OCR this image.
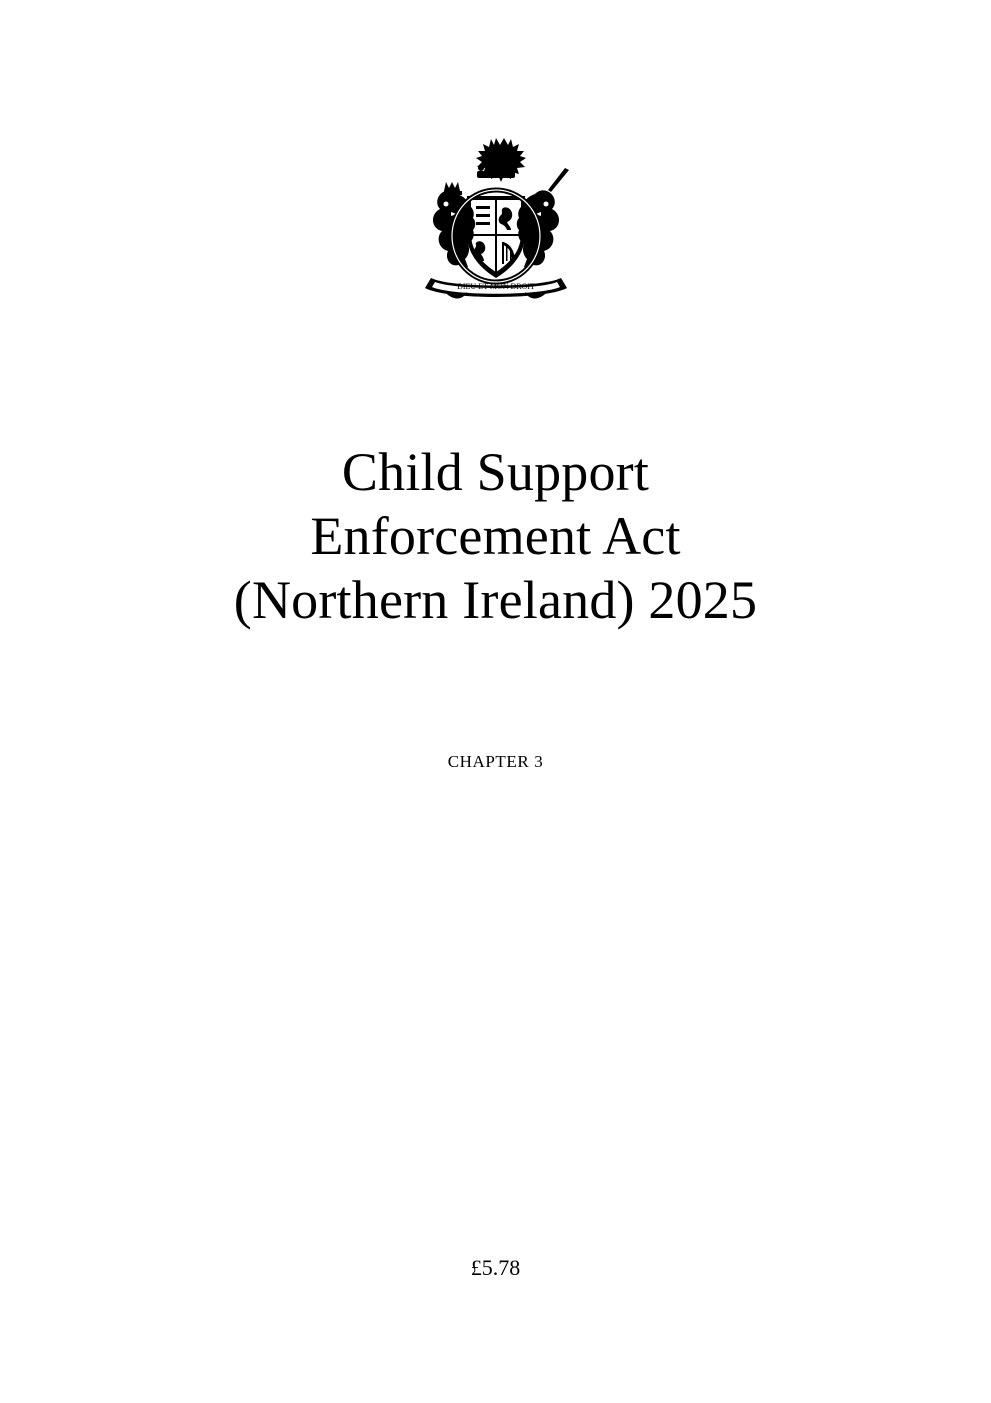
DIEU ET MON DROIT
Child Support
Enforcement Act
(Northern Ireland) 2025
CHAPTER 3
£5.78
